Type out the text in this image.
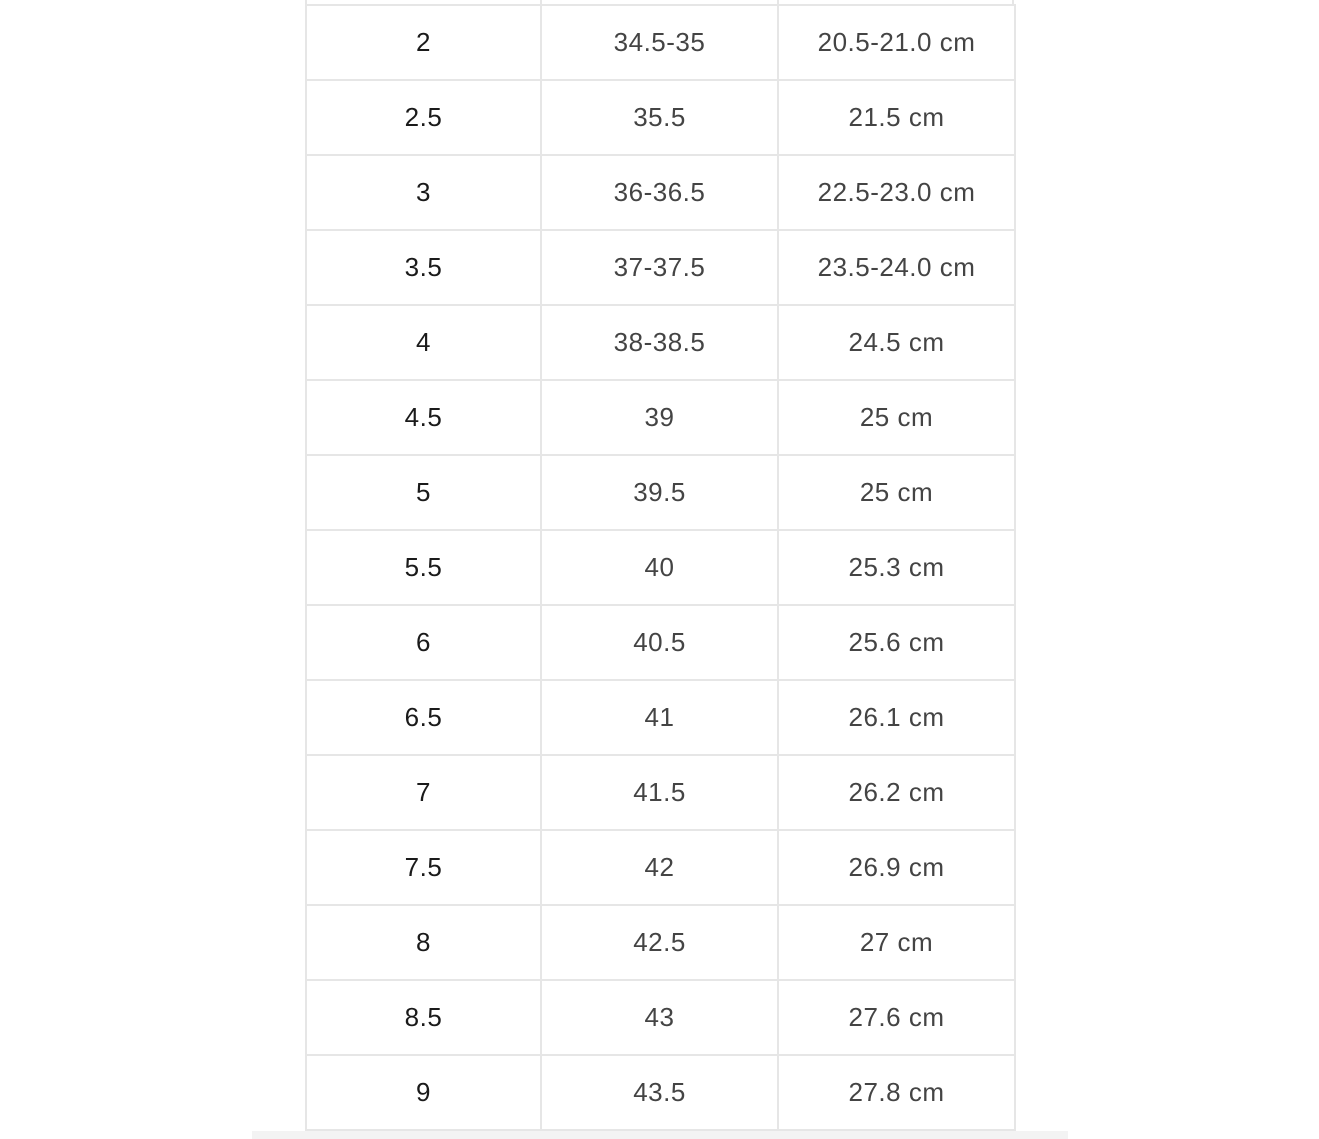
2	34.5-35	20.5-21.0 cm
2.5	35.5	21.5 cm
3	36-36.5	22.5-23.0 cm
3.5	37-37.5	23.5-24.0 cm
4	38-38.5	24.5 cm
4.5	39	25 cm
5	39.5	25 cm
5.5	40	25.3 cm
6	40.5	25.6 cm
6.5	41	26.1 cm
7	41.5	26.2 cm
7.5	42	26.9 cm
8	42.5	27 cm
8.5	43	27.6 cm
9	43.5	27.8 cm
